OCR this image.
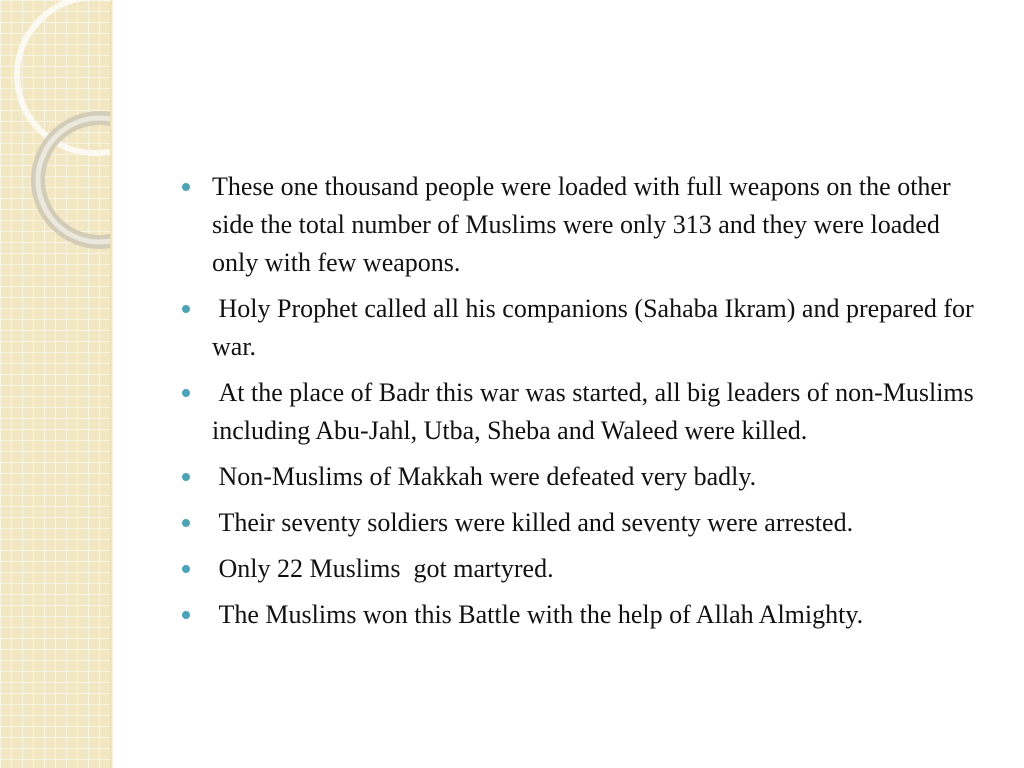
These one thousand people were loaded with full weapons on the other side the total number of Muslims were only 313 and they were loaded only with few weapons.
Holy Prophet called all his companions (Sahaba Ikram) and prepared for war.
At the place of Badr this war was started, all big leaders of non-Muslims including Abu-Jahl, Utba, Sheba and Waleed were killed.
Non-Muslims of Makkah were defeated very badly.
Their seventy soldiers were killed and seventy were arrested.
Only 22 Muslims  got martyred.
The Muslims won this Battle with the help of Allah Almighty.
